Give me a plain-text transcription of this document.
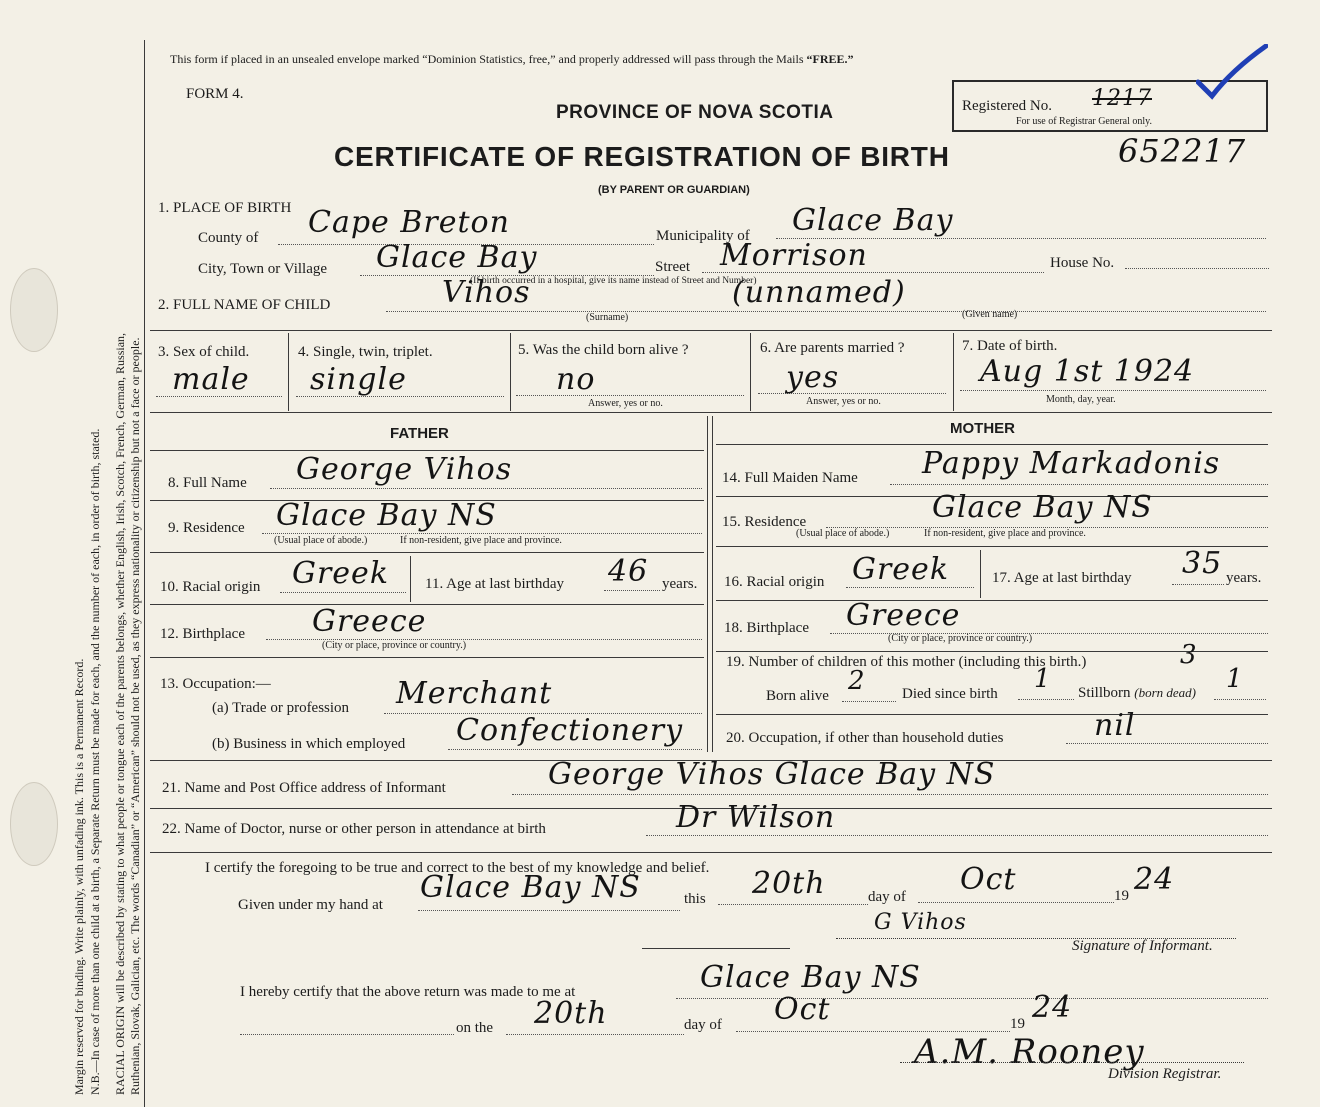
Margin reserved for binding. Write plainly, with unfading ink. This is a Permanent Record. N.B.—In case of more than one child at a birth, a Separate Return must be made for each, and the number of each, in order of birth, stated. RACIAL ORIGIN will be described by stating to what people or tongue each of the parents belongs, whether English, Irish, Scotch, French, German, Russian, Ruthenian, Slovak, Galician, etc. The words “Canadian” or “American” should not be used, as they express nationality or citizenship but not a face or people.
This form if placed in an unsealed envelope marked “Dominion Statistics, free,” and properly addressed will pass through the Mails “FREE.”
FORM 4.
PROVINCE OF NOVA SCOTIA
CERTIFICATE OF REGISTRATION OF BIRTH
(BY PARENT OR GUARDIAN)
Registered No. 1217
For use of Registrar General only.
652217
1. PLACE OF BIRTH
County of Cape Breton	Municipality of Glace Bay
City, Town or Village Glace Bay	Street Morrison	House No.
(If birth occurred in a hospital, give its name instead of Street and Number)
2. FULL NAME OF CHILD	Vihos	(unnamed)
(Surname)	(Given name)
3. Sex of child.
male
4. Single, twin, triplet.
single
5. Was the child born alive ?
no
Answer, yes or no.
6. Are parents married ?
yes
Answer, yes or no.
7. Date of birth.
Aug 1st 1924
Month, day, year.
FATHER	MOTHER
8. Full Name George Vihos
9. Residence Glace Bay NS
(Usual place of abode.)	If non-resident, give place and province.
10. Racial origin Greek 11. Age at last birthday 46 years.
12. Birthplace Greece
(City or place, province or country.)
13. Occupation:—
(a) Trade or profession Merchant
(b) Business in which employed Confectionery
14. Full Maiden Name Pappy Markadonis
15. Residence	Glace Bay NS
(Usual place of abode.)	If non-resident, give place and province.
16. Racial origin Greek	17. Age at last birthday 35 years.
18. Birthplace Greece
(City or place, province or country.)
19. Number of children of this mother (including this birth.)	3
Born alive 2 Died since birth 1 Stillborn (born dead) 1
20. Occupation, if other than household duties	nil
21. Name and Post Office address of Informant	George Vihos Glace Bay NS
22. Name of Doctor, nurse or other person in attendance at birth	Dr Wilson
I certify the foregoing to be true and correct to the best of my knowledge and belief.
Given under my hand at Glace Bay NS	this 20th	day of Oct	19 24
G Vihos
Signature of Informant.
I hereby certify that the above return was made to me at	Glace Bay NS
on the 20th	day of Oct	19 24
A.M. Rooney
Division Registrar.
